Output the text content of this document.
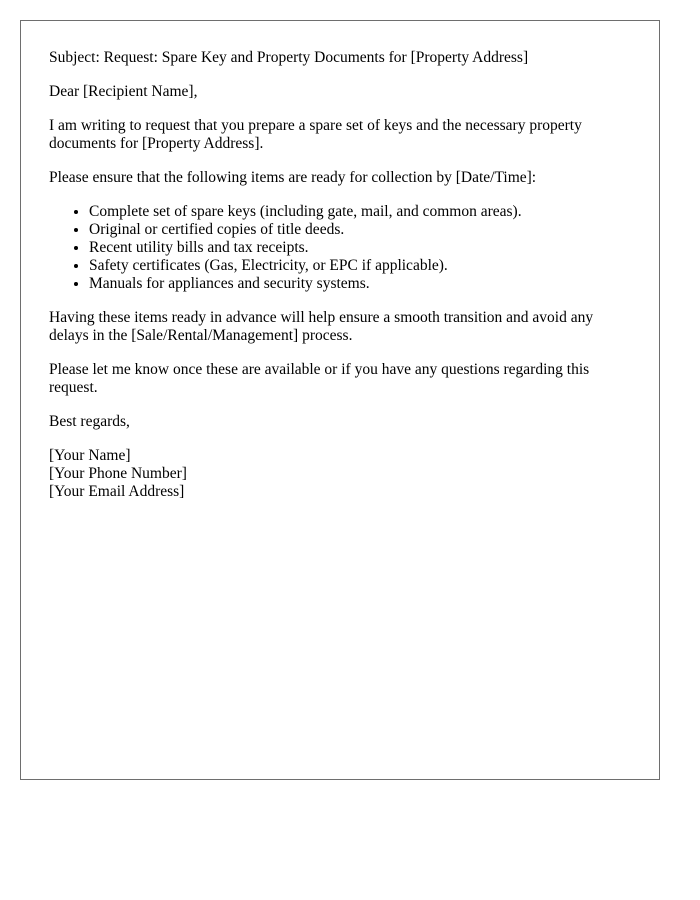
Subject: Request: Spare Key and Property Documents for [Property Address]

Dear [Recipient Name],

I am writing to request that you prepare a spare set of keys and the necessary property documents for [Property Address].

Please ensure that the following items are ready for collection by [Date/Time]:

• Complete set of spare keys (including gate, mail, and common areas).
• Original or certified copies of title deeds.
• Recent utility bills and tax receipts.
• Safety certificates (Gas, Electricity, or EPC if applicable).
• Manuals for appliances and security systems.

Having these items ready in advance will help ensure a smooth transition and avoid any delays in the [Sale/Rental/Management] process.

Please let me know once these are available or if you have any questions regarding this request.

Best regards,

[Your Name]
[Your Phone Number]
[Your Email Address]
